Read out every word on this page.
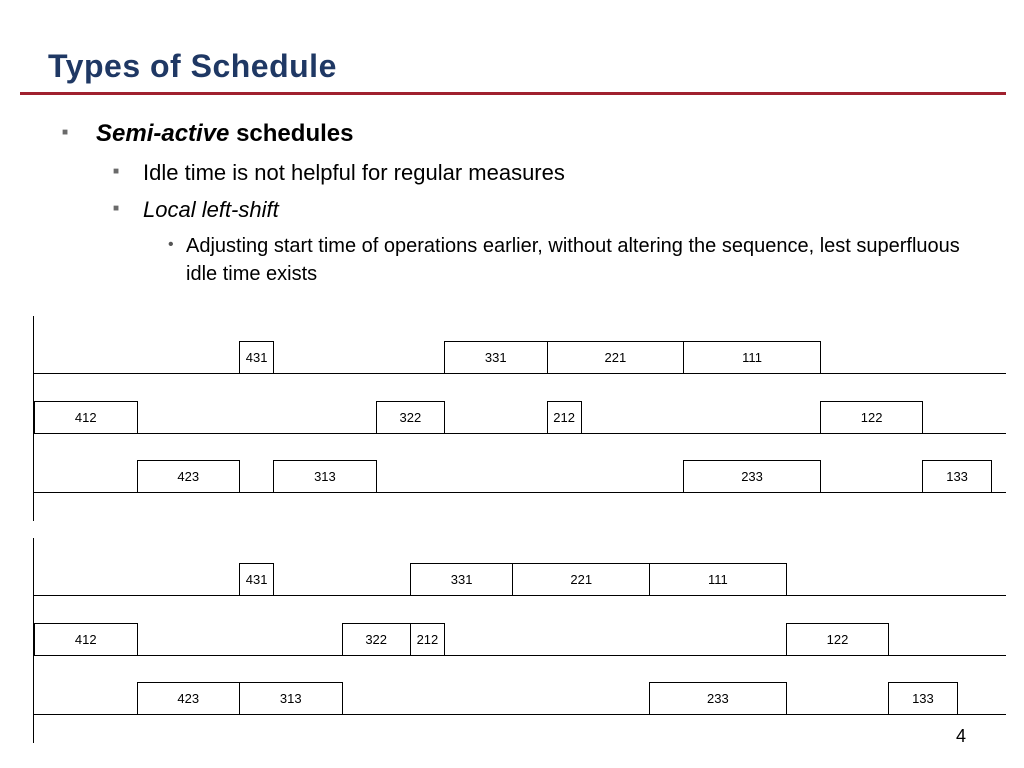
Types of Schedule
■ Semi-active schedules
■ Idle time is not helpful for regular measures
■ Local left-shift
• Adjusting start time of operations earlier, without altering the sequence, lest superfluous idle time exists
431	331	221	111
412	322	212	122
423	313	233	133
431	331	221	111
412	322	212	122
423	313	233	133
4
